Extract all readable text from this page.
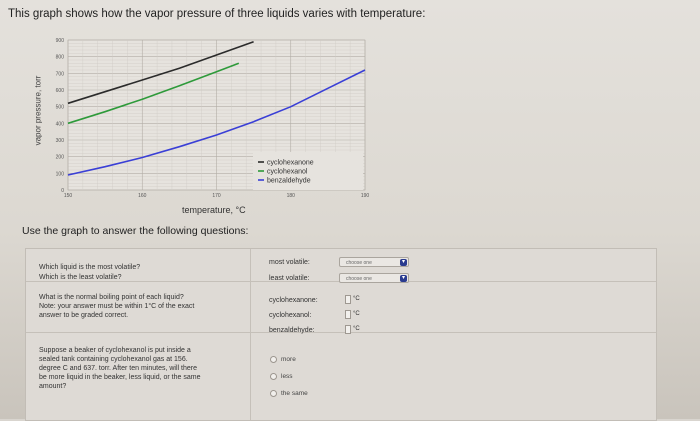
This graph shows how the vapor pressure of three liquids varies with temperature:
vapor pressure, torr
0
100
200
300
400
500
600
700
800
900
150	160	170	180	190
cyclohexanone
cyclohexanol
benzaldehyde
temperature, °C
Use the graph to answer the following questions:
Which liquid is the most volatile?
Which is the least volatile?
most volatile:	choose one	▾
least volatile:	choose one	▾
What is the normal boiling point of each liquid?
Note: your answer must be within 1°C of the exact
answer to be graded correct.
cyclohexanone:	°C
cyclohexanol:	°C
benzaldehyde:	°C
Suppose a beaker of cyclohexanol is put inside a
sealed tank containing cyclohexanol gas at 156.
degree C and 637. torr. After ten minutes, will there
be more liquid in the beaker, less liquid, or the same
amount?
more
less
the same
